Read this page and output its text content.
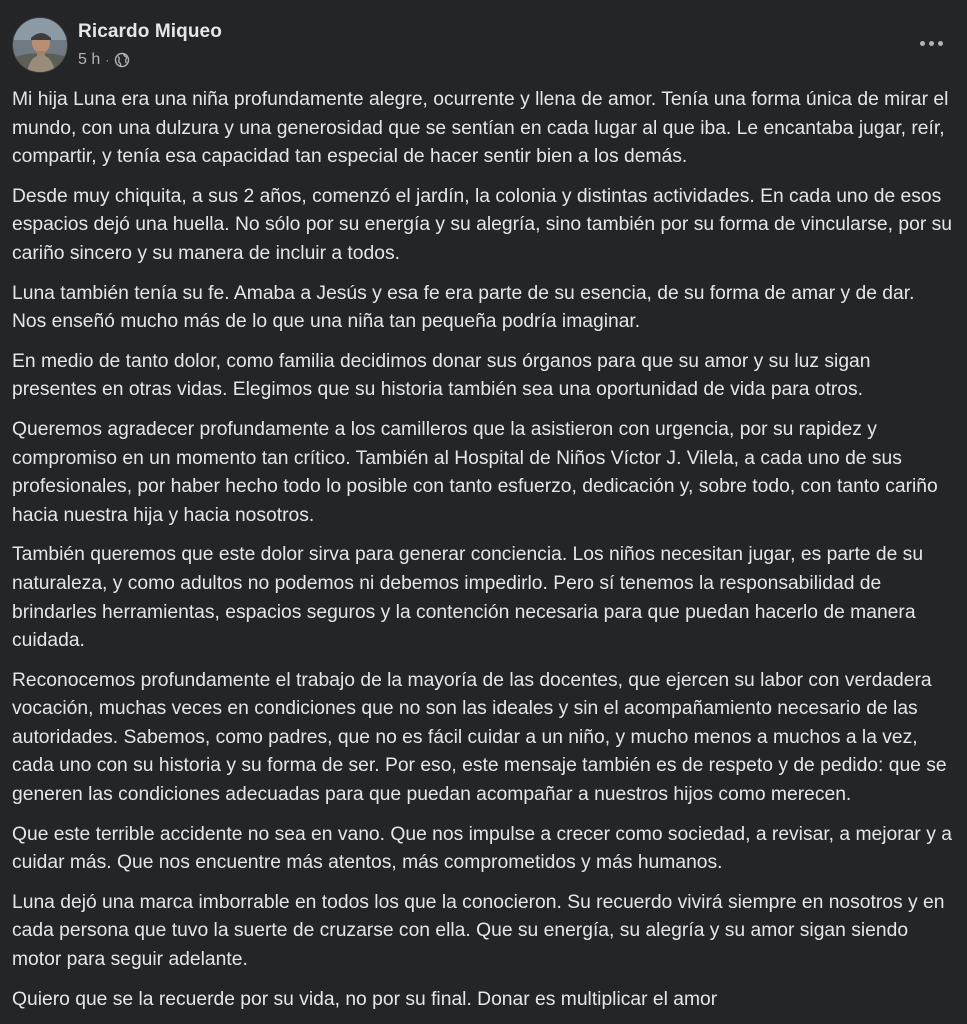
Ricardo Miqueo
5 h ·

Mi hija Luna era una niña profundamente alegre, ocurrente y llena de amor. Tenía una forma única de mirar el mundo, con una dulzura y una generosidad que se sentían en cada lugar al que iba. Le encantaba jugar, reír, compartir, y tenía esa capacidad tan especial de hacer sentir bien a los demás.

Desde muy chiquita, a sus 2 años, comenzó el jardín, la colonia y distintas actividades. En cada uno de esos espacios dejó una huella. No sólo por su energía y su alegría, sino también por su forma de vincularse, por su cariño sincero y su manera de incluir a todos.

Luna también tenía su fe. Amaba a Jesús y esa fe era parte de su esencia, de su forma de amar y de dar. Nos enseñó mucho más de lo que una niña tan pequeña podría imaginar.

En medio de tanto dolor, como familia decidimos donar sus órganos para que su amor y su luz sigan presentes en otras vidas. Elegimos que su historia también sea una oportunidad de vida para otros.

Queremos agradecer profundamente a los camilleros que la asistieron con urgencia, por su rapidez y compromiso en un momento tan crítico. También al Hospital de Niños Víctor J. Vilela, a cada uno de sus profesionales, por haber hecho todo lo posible con tanto esfuerzo, dedicación y, sobre todo, con tanto cariño hacia nuestra hija y hacia nosotros.

También queremos que este dolor sirva para generar conciencia. Los niños necesitan jugar, es parte de su naturaleza, y como adultos no podemos ni debemos impedirlo. Pero sí tenemos la responsabilidad de brindarles herramientas, espacios seguros y la contención necesaria para que puedan hacerlo de manera cuidada.

Reconocemos profundamente el trabajo de la mayoría de las docentes, que ejercen su labor con verdadera vocación, muchas veces en condiciones que no son las ideales y sin el acompañamiento necesario de las autoridades. Sabemos, como padres, que no es fácil cuidar a un niño, y mucho menos a muchos a la vez, cada uno con su historia y su forma de ser. Por eso, este mensaje también es de respeto y de pedido: que se generen las condiciones adecuadas para que puedan acompañar a nuestros hijos como merecen.

Que este terrible accidente no sea en vano. Que nos impulse a crecer como sociedad, a revisar, a mejorar y a cuidar más. Que nos encuentre más atentos, más comprometidos y más humanos.

Luna dejó una marca imborrable en todos los que la conocieron. Su recuerdo vivirá siempre en nosotros y en cada persona que tuvo la suerte de cruzarse con ella. Que su energía, su alegría y su amor sigan siendo motor para seguir adelante.

Quiero que se la recuerde por su vida, no por su final. Donar es multiplicar el amor
